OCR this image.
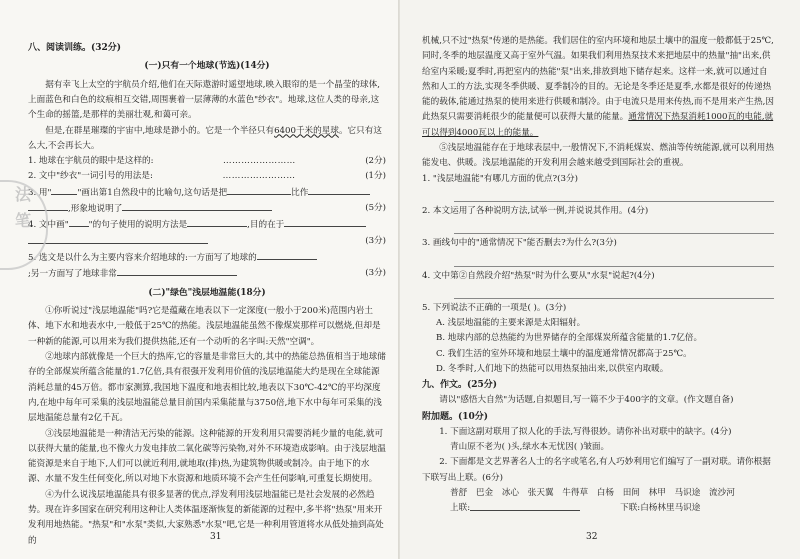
八、阅读训练。(32分)

(一)只有一个地球(节选)(14分)

据有幸飞上太空的宇航员介绍,他们在天际遨游时遥望地球,映入眼帘的是一个晶莹的球体,上面蓝色和白色的纹痕相互交错,周围裹着一层薄薄的水蓝色"纱衣"。地球,这位人类的母亲,这个生命的摇篮,是那样的美丽壮观,和蔼可亲。

但是,在群星璀璨的宇宙中,地球是渺小的。它是一个半径只有6400千米的星球。它只有这么大,不会再长大。

1. 地球在宇航员的眼中是这样的:	……………………	(2分)
2. 文中"纱衣"一词引号的用法是:	……………………	(1分)

3. 用"	"画出第1自然段中的比喻句,这句话是把	比作

,形象地说明了	(5分)

4. 文中画" "的句子使用的说明方法是	,目的在于

(3分)

5. 选文是以什么为主要内容来介绍地球的:一方面写了地球的

;另一方面写了地球非常	(3分)

(二)"绿色"浅层地温能(18分)

①你听说过"浅层地温能"吗?它是蕴藏在地表以下一定深度(一般小于200米)范围内岩土体、地下水和地表水中,一般低于25℃的热能。浅层地温能虽然不像煤炭那样可以燃烧,但却是一种新的能源,可以用来为我们提供热能,还有一个动听的名字叫:天然"空调"。

②地球内部就像是一个巨大的热库,它的容量是非常巨大的,其中的热能总热值相当于地球储存的全部煤炭所蕴含能量的1.7亿倍,具有很强开发利用价值的浅层地温能大约是现在全球能源消耗总量的45万倍。都市家测算,我国地下温度和地表相比较,地表以下30℃-42℃的平均深度内,在地中每年可采集的浅层地温能总量目前国内采集能量与3750倍,地下水中每年可采集的浅层地温能总量有2亿千瓦。

③浅层地温能是一种清洁无污染的能源。这种能源的开发利用只需要消耗少量的电能,就可以获得大量的能量,也不像火力发电排放二氧化碳等污染物,对外不环境造成影响。由于浅层地温能资源是来自于地下,人们可以就近利用,就地取(排)热,为建筑物供暖或制冷。由于地下的水源、水量不发生任何变化,所以对地下水资源和地质环境不会产生任何影响,可重复长期使用。

④为什么说浅层地温能具有很多显著的优点,浮发利用浅层地温能已是社会发展的必然趋势。现在许多国家在研究利用这种让人类体温逐渐恢复的新能源的过程中,多半将"热泵"用来开发利用地热能。"热泵"和"水泵"类似,大家熟悉"水泵"吧,它是一种利用管道将水从低处抽到高处的

法
笔
31

机械,只不过"热泵"传递的是热能。我们居住的室内环境和地层土壤中的温度一般都低于25℃,同时,冬季的地层温度又高于室外气温。如果我们利用热泵技术来把地层中的热量"抽"出来,供给室内采暖;夏季时,再把室内的热能"泵"出来,排放到地下储存起来。这样一来,就可以通过自然和人工的方法,实现冬季供暖、夏季制冷的目的。无论是冬季还是夏季,水都是很好的传递热能的载体,能通过热泵的使用来进行供暖和制冷。由于电流只是用来传热,而不是用来产生热,因此热泵只需要消耗很少的能量便可以获得大量的能量。通常情况下热泵消耗1000瓦的电能,就可以得到4000瓦以上的能量。

⑤浅层地温能存在于地球表层中,一般情况下,不消耗煤炭、燃油等传统能源,就可以利用热能发电、供暖。浅层地温能的开发利用会越来越受到国际社会的重视。

1. "浅层地温能"有哪几方面的优点?(3分)

2. 本文运用了各种说明方法,试举一例,并说说其作用。(4分)

3. 画线句中的"通常情况下"能否删去?为什么?(3分)

4. 文中第②自然段介绍"热泵"时为什么要从"水泵"说起?(4分)

5. 下列说法不正确的一项是( )。(3分)

A. 浅层地温能的主要来源是太阳辐射。

B. 地球内部的总热能约为世界储存的全部煤炭所蕴含能量的1.7亿倍。

C. 我们生活的室外环境和地层土壤中的温度通常情况都高于25℃。

D. 冬季时,人们地下的热能可以用热泵抽出来,以供室内取暖。

九、作文。(25分)

请以"感悟大自然"为话题,自拟题目,写一篇不少于400字的文章。(作文题自备)

附加题。(10分)

1. 下面这副对联用了拟人化的手法,写得很妙。请你补出对联中的缺字。(4分)

青山原不老为( )头,绿水本无忧因( )皱面。

2. 下面都是文艺界著名人士的名字或笔名,有人巧妙利用它们编写了一副对联。请你根据下联写出上联。(6分)

普舒 巴金 冰心 张天翼 牛得草 白杨 田间 林甲 马识途 流沙河

上联:	下联: 白杨林里马识途
32
